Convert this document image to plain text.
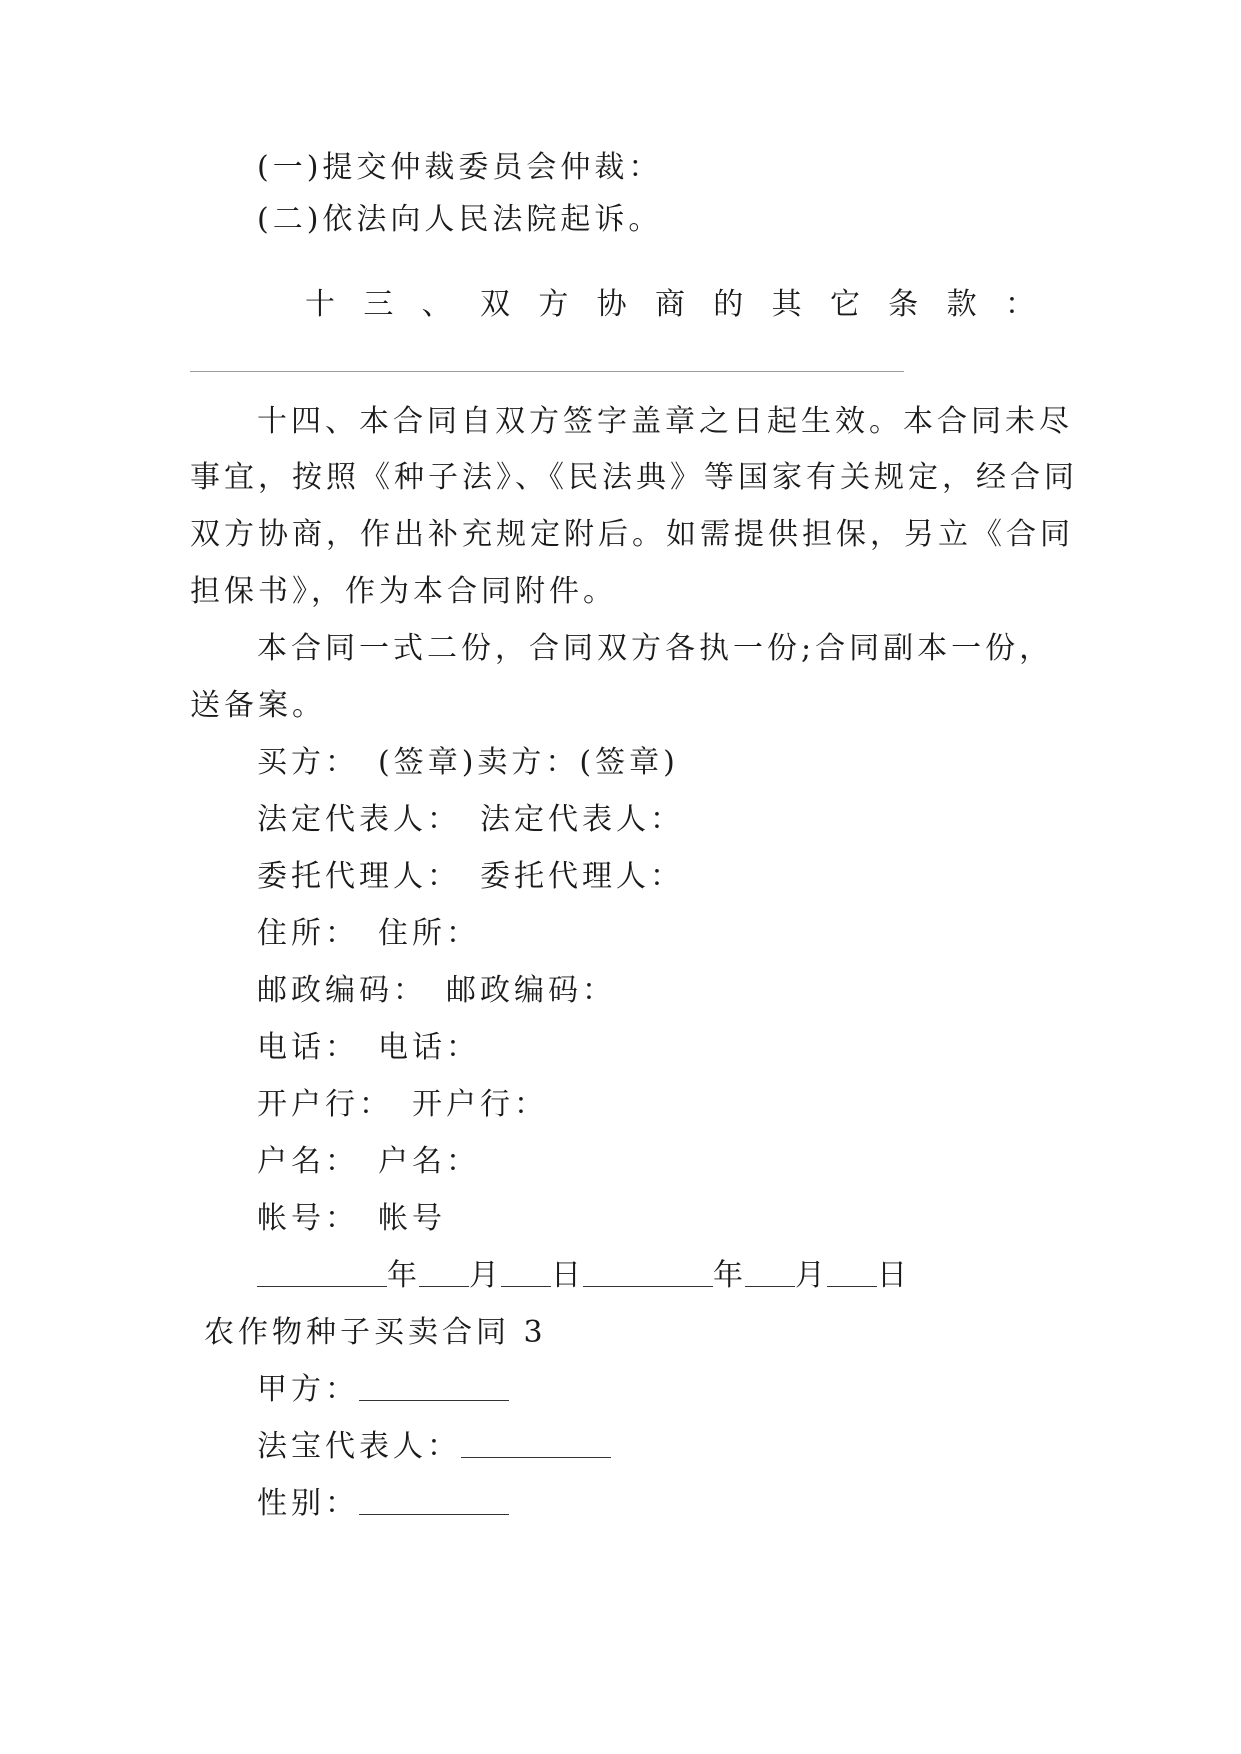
(一)提交仲裁委员会仲裁：
(二)依法向人民法院起诉。
十 三 、 双 方 协 商 的 其 它 条 款 ：
十四、本合同自双方签字盖章之日起生效。本合同未尽
事宜，按照《种子法》、《民法典》等国家有关规定，经合同
双方协商，作出补充规定附后。如需提供担保，另立《合同
担保书》，作为本合同附件。
本合同一式二份，合同双方各执一份;合同副本一份，
送备案。
买方：　(签章)卖方：(签章)
法定代表人：　法定代表人：
委托代理人：　委托代理人：
住所：　住所：
邮政编码：　邮政编码：
电话：　电话：
开户行：　开户行：
户名：　户名：
帐号：　帐号
年 月 日	年 月 日
农作物种子买卖合同 3
甲方：
法宝代表人：
性别：
